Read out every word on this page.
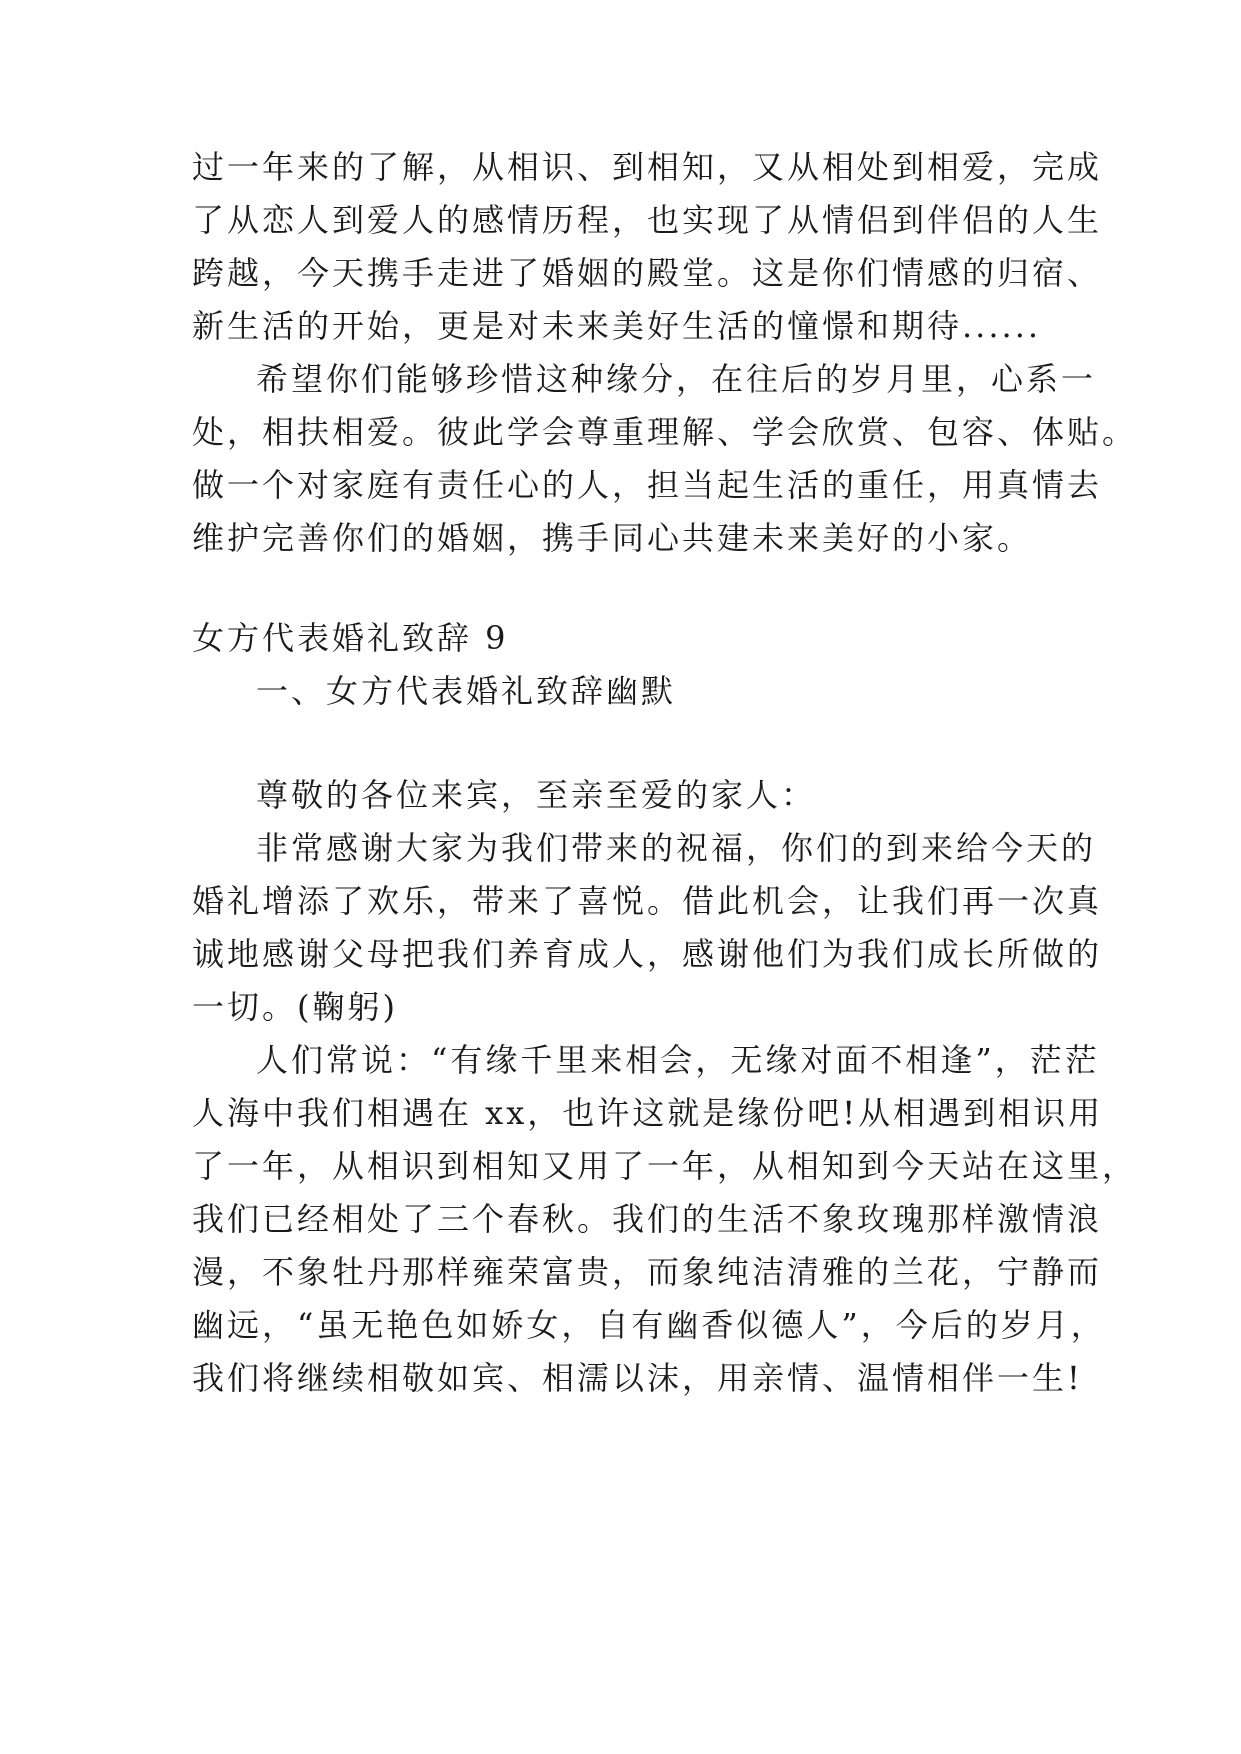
过一年来的了解，从相识、到相知，又从相处到相爱，完成
了从恋人到爱人的感情历程，也实现了从情侣到伴侣的人生
跨越，今天携手走进了婚姻的殿堂。这是你们情感的归宿、
新生活的开始，更是对未来美好生活的憧憬和期待......
希望你们能够珍惜这种缘分，在往后的岁月里，心系一
处，相扶相爱。彼此学会尊重理解、学会欣赏、包容、体贴。
做一个对家庭有责任心的人，担当起生活的重任，用真情去
维护完善你们的婚姻，携手同心共建未来美好的小家。
女方代表婚礼致辞 9
一、女方代表婚礼致辞幽默
尊敬的各位来宾，至亲至爱的家人：
非常感谢大家为我们带来的祝福，你们的到来给今天的
婚礼增添了欢乐，带来了喜悦。借此机会，让我们再一次真
诚地感谢父母把我们养育成人，感谢他们为我们成长所做的
一切。(鞠躬)
人们常说：“有缘千里来相会，无缘对面不相逢”，茫茫
人海中我们相遇在 xx，也许这就是缘份吧!从相遇到相识用
了一年，从相识到相知又用了一年，从相知到今天站在这里，
我们已经相处了三个春秋。我们的生活不象玫瑰那样激情浪
漫，不象牡丹那样雍荣富贵，而象纯洁清雅的兰花，宁静而
幽远，“虽无艳色如娇女，自有幽香似德人”，今后的岁月，
我们将继续相敬如宾、相濡以沫，用亲情、温情相伴一生!
